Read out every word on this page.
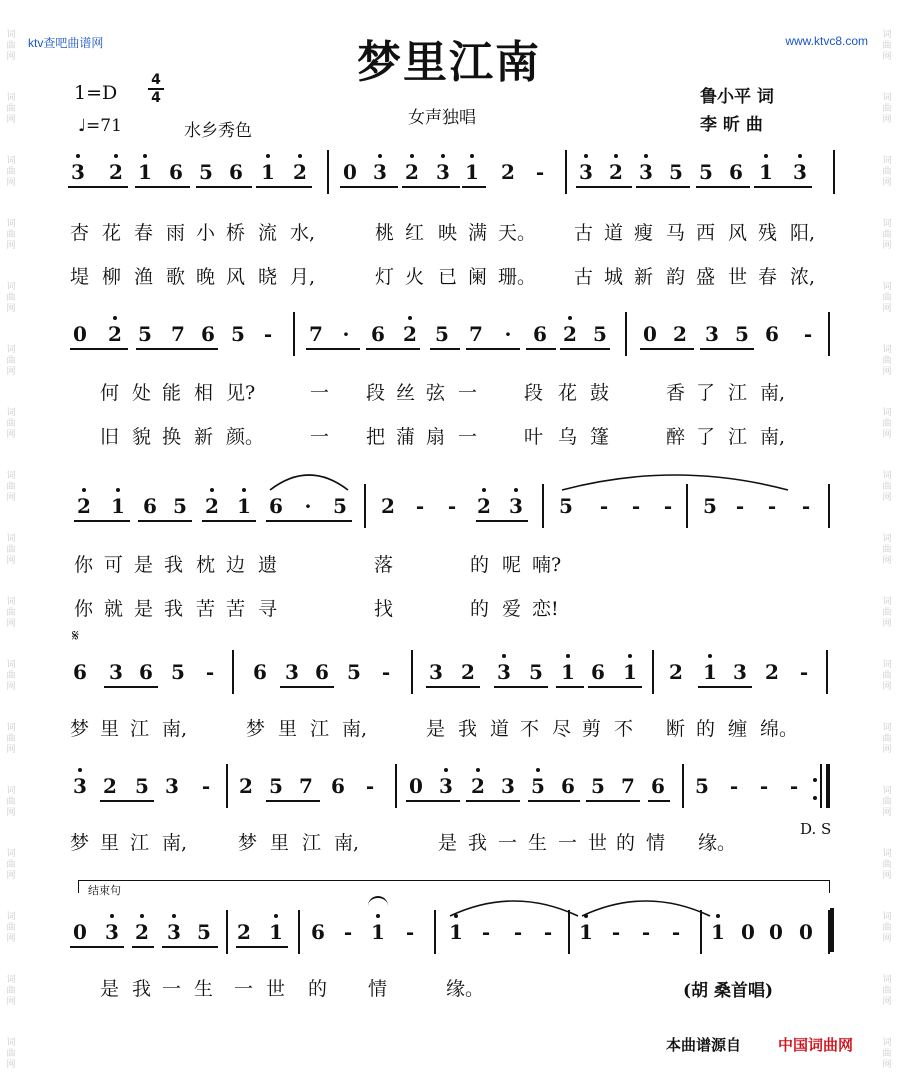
词
曲
网
词
曲
网
词
曲
网
词
曲
网
词
曲
网
词
曲
网
词
曲
网
词
曲
网
词
曲
网
词
曲
网
词
曲
网
词
曲
网
词
曲
网
词
曲
网
词
曲
网
词
曲
网
词
曲
网
词
曲
网
词
曲
网
词
曲
网
词
曲
网
词
曲
网
词
曲
网
词
曲
网
词
曲
网
词
曲
网
词
曲
网
词
曲
网
词
曲
网
词
曲
网
词
曲
网
词
曲
网
词
曲
网
词
曲
网
ktv查吧曲谱网	www.ktvc8.com
梦里江南
1=D
4
4
♩=71	水乡秀色
女声独唱
鲁小平 词
李 昕 曲
3 2 1 6 5 6 1 2 0 3 2 3 1 2 - 3 2 3 5 5 6 1 3
杏 花 春 雨 小 桥 流 水,	桃 红 映 满 天。 古 道 瘦 马 西 风 残 阳,
堤 柳 渔 歌 晚 风 晓 月,	灯 火 已 阑 珊。 古 城 新 韵 盛 世 春 浓,
0 2 5 7 6 5 - 7 ·	6 2 5 7	·	6 2 5 0 2 3 5 6 -
何 处 能 相 见?	一 段 丝 弦 一 段 花 鼓	香 了 江 南,
旧 貌 换 新 颜。 一 把 蒲 扇 一 叶 乌 篷	醉 了 江 南,
2 1 6 5 2 1 6	·	5 2 - - 2 3 5 - - - 5 - - -
你 可 是 我 枕 边 遗	落	的 呢 喃?
你 就 是 我 苦 苦 寻	找	的 爱 恋!
6 3 6 5 - 6 3 6 5 - 3 2 3 5 1 6 1 2 1 3 2 -
梦 里 江 南,	梦 里 江 南,	是 我 道 不 尽 剪 不 断 的 缠 绵。
3 2 5 3 - 2 5 7 6 - 0 3 2 3 5 6 5 7 6 5 - - -
梦 里 江 南,	梦 里 江 南,	是 我 一 生 一 世 的 情 缘。
0 3 2 3 5 2 1 6 - 1 - 1 - - - 1 - - - 1 0 0 0
是 我 一 生 一 世 的 情	缘。
𝄋
D. S
结束句
(胡 桑首唱)
本曲谱源自 中国词曲网
